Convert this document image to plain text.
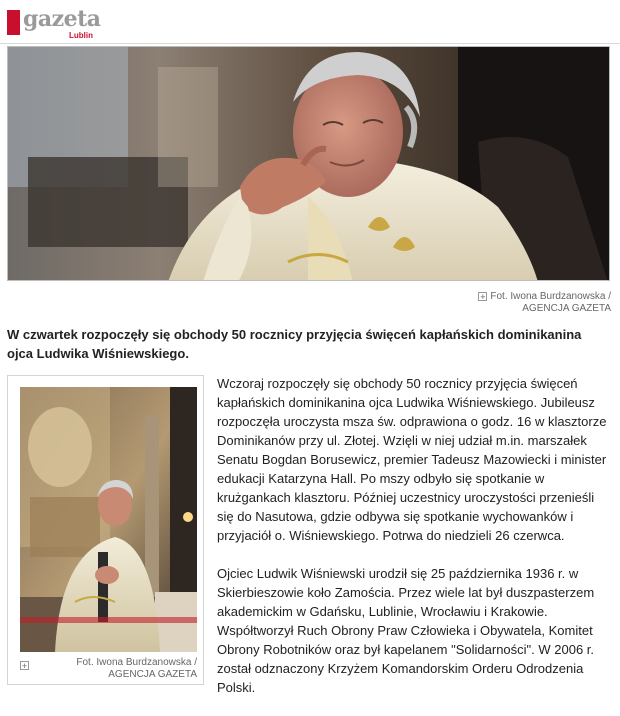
gazeta
Lublin
+ Fot. Iwona Burdzanowska /
AGENCJA GAZETA
W czwartek rozpoczęły się obchody 50 rocznicy przyjęcia święceń kapłańskich dominikanina ojca Ludwika Wiśniewskiego.
+	Fot. Iwona Burdzanowska /
AGENCJA GAZETA

Wczoraj rozpoczęły się obchody 50 rocznicy przyjęcia święceń kapłańskich dominikanina ojca Ludwika Wiśniewskiego. Jubileusz rozpoczęła uroczysta msza św. odprawiona o godz. 16 w klasztorze Dominikanów przy ul. Złotej. Wzięli w niej udział m.in. marszałek Senatu Bogdan Borusewicz, premier Tadeusz Mazowiecki i minister edukacji Katarzyna Hall. Po mszy odbyło się spotkanie w krużgankach klasztoru. Później uczestnicy uroczystości przenieśli się do Nasutowa, gdzie odbywa się spotkanie wychowanków i przyjaciół o. Wiśniewskiego. Potrwa do niedzieli 26 czerwca.

Ojciec Ludwik Wiśniewski urodził się 25 października 1936 r. w Skierbieszowie koło Zamościa. Przez wiele lat był duszpasterzem akademickim w Gdańsku, Lublinie, Wrocławiu i Krakowie. Współtworzył Ruch Obrony Praw Człowieka i Obywatela, Komitet Obrony Robotników oraz był kapelanem "Solidarności". W 2006 r. został odznaczony Krzyżem Komandorskim Orderu Odrodzenia Polski.
